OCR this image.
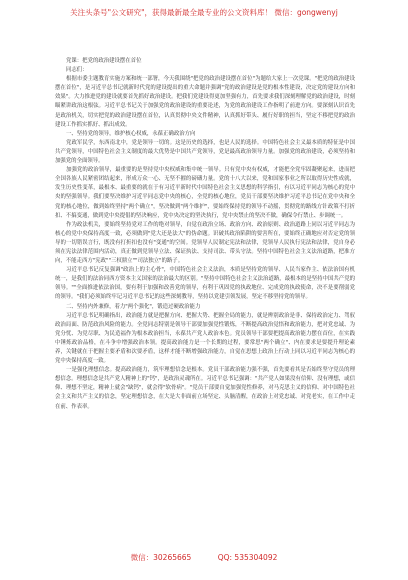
关注头条号"公文研究"，获得最新最全最专业的公文资料库！ 微信：gongwenyj

党课：把党的政治建设摆在首位

同志们：

根据市委主题教育实施方案和统一部署，今天我围绕"把党的政治建设摆在首位"为题给大家上一次党课。"把党的政治建设摆在首位"，是习近平总书记就新时代党的建设提出的重大命题并强调"党的政治建设是党的根本性建设，决定党的建设方向和效果"。大力推进党的建设就要首先抓好政治建设。把我们党建设得更加坚强有力，首先要求我们深刻理解党的政治建设，时刻瞄紧讲政治这根弦。习近平总书记关于加强党的政治建设的重要论述，为党的政治建设工作指明了前进方向。要深刻认识首先是政治机关，切实把党的政治建设摆在首位，认真贯彻中央文件精神，认真抓好带头、履行好职的担当，坚定不移把党的政治建设工作抓实抓好、抓出成效。

一、坚持党的领导，维护核心权威，永葆正确政治方向

党政军民学，东西南北中，党是领导一切的。这是历史的选择，也是人民的选择。中国特色社会主义最本质的特征是中国共产党领导，中国特色社会主义制度的最大优势是中国共产党领导，党是最高政治领导力量。加强党的政治建设，必须坚持和加强党的全面领导。

加强党的政治领导，最重要的是坚持党中央权威和集中统一领导。只有党中央有权威，才能把全党牢固凝聚起来，进而把全国各族人民紧密团结起来，形成万众一心、无坚不摧的磅礴力量。党的十八大以来，党和国家事业之所以取得历史性成就，发生历史性变革，最根本、最重要的就在于有习近平新时代中国特色社会主义思想的科学指引，有以习近平同志为核心的党中央的坚强领导。我们要坚决维护习近平同志党中央的核心，全党的核心地位，党员干部要坚决维护习近平总书记在党中央和全党的核心地位，做到始终坚持"两个确立"，坚决做到"两个维护"，要始终保持党的领导不动摇，贯彻党的路线方针政策不打折扣、不搞变通，做到党中央提倡的坚决响应，党中央决定的坚决执行，党中央禁止的坚决不做，确保令行禁止、步调统一。

作为政法机关，要始终坚持党对工作的绝对领导，自觉在政治立场、政治方向、政治原则、政治道路上同以习近平同志为核心的党中央保持高度一致，必须做到"党大还是法大"的伪命题。识破其政治陷阱的要害所在，要始终正确地应对否定党的领导的一切错误言行，既没有打折扣也没有"变通"的空间。党领导人民制定宪法和法律，党领导人民执行宪法和法律，党自身必须在宪法法律范围内活动，真正做到党领导立法、保证执法、支持司法、带头守法。坚持中国特色社会主义法治道路，把准方向，不能走西方"宪政""三权鼎立""司法独立"的路子。

习近平总书记反复强调"政治上的主心骨"，中国特色社会主义法治，本质是坚持党的领导、人民当家作主、依法治国有机统一，是我们的法治同西方资本主义国家的法治最大的区别。"坚持中国特色社会主义法治道路，最根本的是坚持中国共产党的领导。""全面推进依法治国，要有利于加强和改善党的领导，有利于巩固党的执政地位、完成党的执政使命，决不是要削弱党的领导。"我们必须始终牢记习近平总书记的这些深刻教导，坚持以党建引领发展，坚定不移坚持党的领导。

二、坚持内外兼修，着力"两个强化"，锻造过硬政治能力

习近平总书记明确指出，政治能力就是把握方向、把握大势、把握全局的能力，就是辨别政治是非、保持政治定力、驾驭政治局面、防范政治风险的能力。全党同志特别是领导干部要加强党性锻炼，不断提高政治觉悟和政治能力，把对党忠诚、为党分忧、为党尽职、为民造福作为根本政治担当，永葆共产党人政治本色。党员领导干部要把提高政治能力摆在首位，在实践中锤炼政治品格，在斗争中增强政治本领。提高政治能力是一个长期的过程，要常思"两个确立"、内在要求是要提升理论素养，关键就在于把握主要矛盾和次要矛盾，这样才能不断增强政治能力，自觉在思想上政治上行动上同以习近平同志为核心的党中央保持高度一致。

一是强化理想信念。提高政治能力，筑牢理想信念是根本。党员干部政治能力强不强，首先要看其是否始终坚守党员的理想信念。理想信念是共产党人精神上的"钙"，是政治灵魂所在。习近平总书记强调："共产党人如果没有信仰、没有理想，或信仰、理想不坚定，精神上就会"缺钙"，就会得"软骨病"。"党员干部要自觉加强党性修养，对马克思主义的信仰、对中国特色社会主义和共产主义的信念，坚定理想信念，在大是大非面前立场坚定、头脑清醒，在政治上对党忠诚、对党老实，在工作中走在前、作表率。

微信：30265665	QQ: 535304092
